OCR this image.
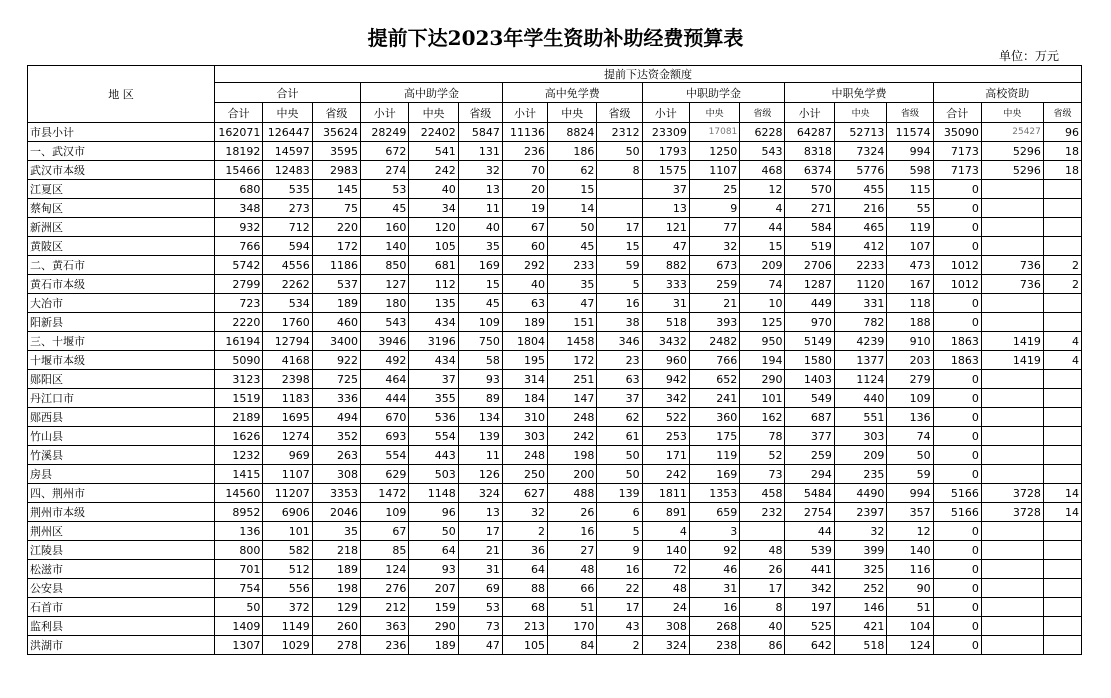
提前下达2023年学生资助补助经费预算表
单位：万元
地 区	提前下达资金额度																	
	合计			高中助学金			高中免学费			中职助学金			中职免学费			高校资助		
	合计	中央	省级	小计	中央	省级	小计	中央	省级	小计	中央	省级	小计	中央	省级	合计	中央	省级
市县小计	162071	126447	35624	28249	22402	5847	11136	8824	2312	23309	17081	6228	64287	52713	11574	35090	25427	96
一、武汉市	18192	14597	3595	672	541	131	236	186	50	1793	1250	543	8318	7324	994	7173	5296	18
武汉市本级	15466	12483	2983	274	242	32	70	62	8	1575	1107	468	6374	5776	598	7173	5296	18
江夏区	680	535	145	53	40	13	20	15		37	25	12	570	455	115	0		
蔡甸区	348	273	75	45	34	11	19	14		13	9	4	271	216	55	0		
新洲区	932	712	220	160	120	40	67	50	17	121	77	44	584	465	119	0		
黄陂区	766	594	172	140	105	35	60	45	15	47	32	15	519	412	107	0		
二、黄石市	5742	4556	1186	850	681	169	292	233	59	882	673	209	2706	2233	473	1012	736	2
黄石市本级	2799	2262	537	127	112	15	40	35	5	333	259	74	1287	1120	167	1012	736	2
大冶市	723	534	189	180	135	45	63	47	16	31	21	10	449	331	118	0		
阳新县	2220	1760	460	543	434	109	189	151	38	518	393	125	970	782	188	0		
三、十堰市	16194	12794	3400	3946	3196	750	1804	1458	346	3432	2482	950	5149	4239	910	1863	1419	4
十堰市本级	5090	4168	922	492	434	58	195	172	23	960	766	194	1580	1377	203	1863	1419	4
郧阳区	3123	2398	725	464	37	93	314	251	63	942	652	290	1403	1124	279	0		
丹江口市	1519	1183	336	444	355	89	184	147	37	342	241	101	549	440	109	0		
郧西县	2189	1695	494	670	536	134	310	248	62	522	360	162	687	551	136	0		
竹山县	1626	1274	352	693	554	139	303	242	61	253	175	78	377	303	74	0		
竹溪县	1232	969	263	554	443	11	248	198	50	171	119	52	259	209	50	0		
房县	1415	1107	308	629	503	126	250	200	50	242	169	73	294	235	59	0		
四、荆州市	14560	11207	3353	1472	1148	324	627	488	139	1811	1353	458	5484	4490	994	5166	3728	14
荆州市本级	8952	6906	2046	109	96	13	32	26	6	891	659	232	2754	2397	357	5166	3728	14
荆州区	136	101	35	67	50	17	2	16	5	4	3		44	32	12	0		
江陵县	800	582	218	85	64	21	36	27	9	140	92	48	539	399	140	0		
松滋市	701	512	189	124	93	31	64	48	16	72	46	26	441	325	116	0		
公安县	754	556	198	276	207	69	88	66	22	48	31	17	342	252	90	0		
石首市	50	372	129	212	159	53	68	51	17	24	16	8	197	146	51	0		
监利县	1409	1149	260	363	290	73	213	170	43	308	268	40	525	421	104	0		
洪湖市	1307	1029	278	236	189	47	105	84	2	324	238	86	642	518	124	0		
